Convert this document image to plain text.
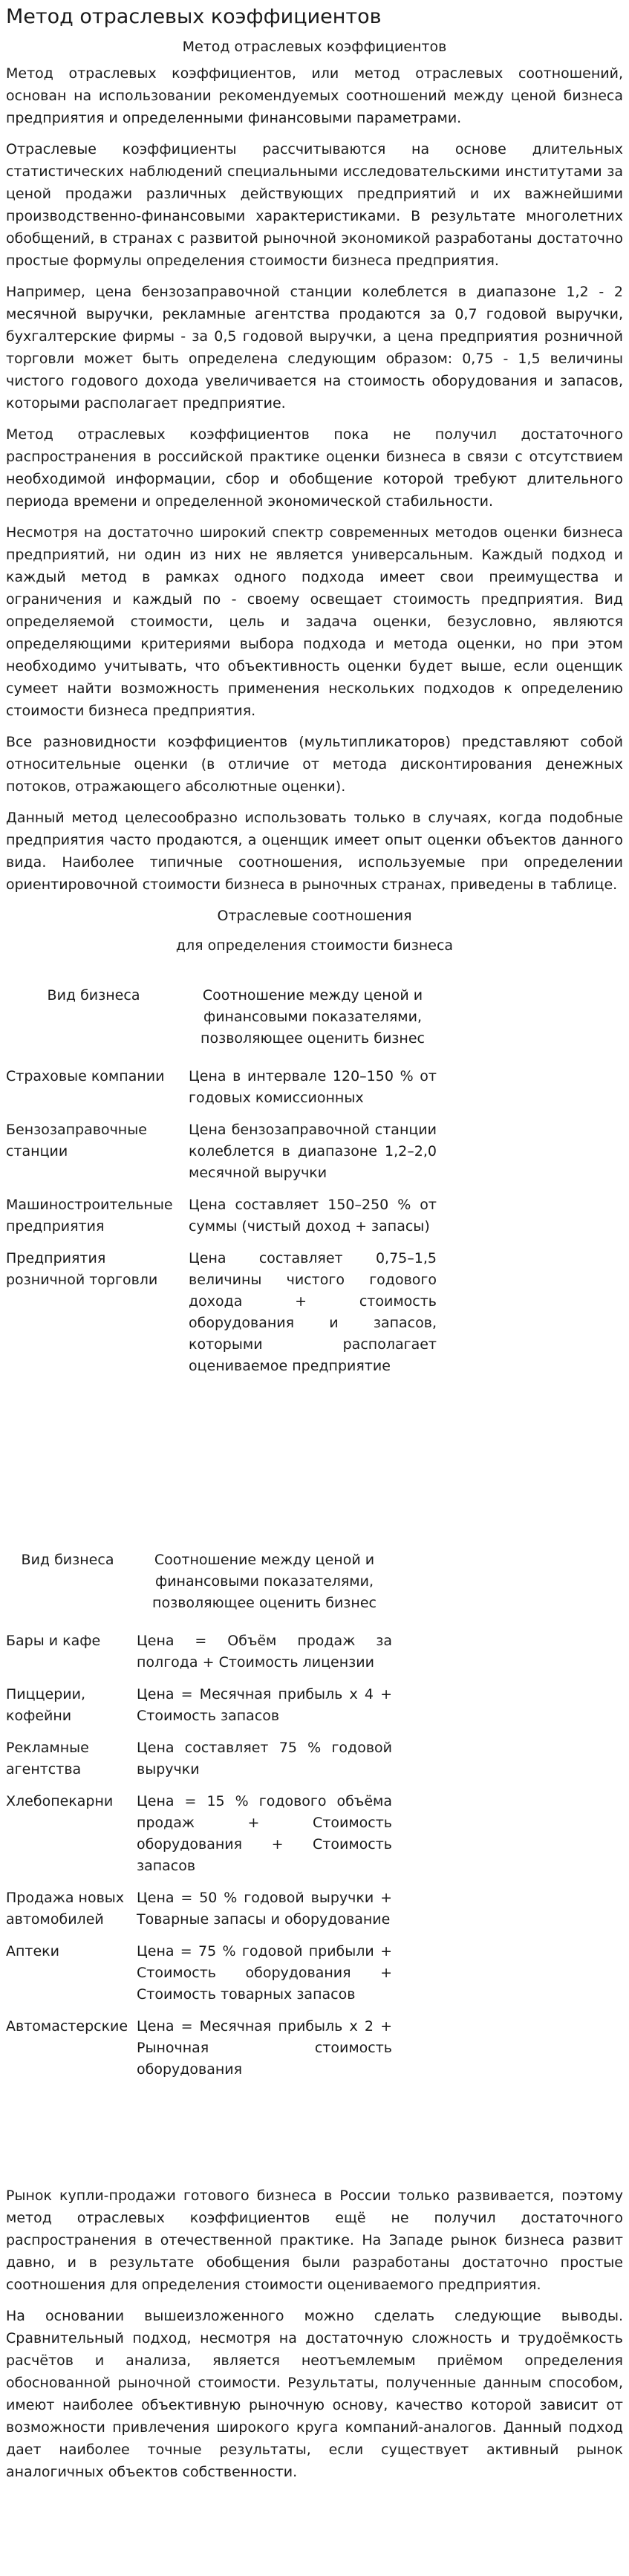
Метод отраслевых коэффициентов
Метод отраслевых коэффициентов

Метод отраслевых коэффициентов, или метод отраслевых соотношений, основан на использовании рекомендуемых соотношений между ценой бизнеса предприятия и определенными финансовыми параметрами.

Отраслевые коэффициенты рассчитываются на основе длительных статистических наблюдений специальными исследовательскими институтами за ценой продажи различных действующих предприятий и их важнейшими производственно-финансовыми характеристиками. В результате многолетних обобщений, в странах с развитой рыночной экономикой разработаны достаточно простые формулы определения стоимости бизнеса предприятия.

Например, цена бензозаправочной станции колеблется в диапазоне 1,2 - 2 месячной выручки, рекламные агентства продаются за 0,7 годовой выручки, бухгалтерские фирмы - за 0,5 годовой выручки, а цена предприятия розничной торговли может быть определена следующим образом: 0,75 - 1,5 величины чистого годового дохода увеличивается на стоимость оборудования и запасов, которыми располагает предприятие.

Метод отраслевых коэффициентов пока не получил достаточного распространения в российской практике оценки бизнеса в связи с отсутствием необходимой информации, сбор и обобщение которой требуют длительного периода времени и определенной экономической стабильности.

Несмотря на достаточно широкий спектр современных методов оценки бизнеса предприятий, ни один из них не является универсальным. Каждый подход и каждый метод в рамках одного подхода имеет свои преимущества и ограничения и каждый по - своему освещает стоимость предприятия. Вид определяемой стоимости, цель и задача оценки, безусловно, являются определяющими критериями выбора подхода и метода оценки, но при этом необходимо учитывать, что объективность оценки будет выше, если оценщик сумеет найти возможность применения нескольких подходов к определению стоимости бизнеса предприятия.

Все разновидности коэффициентов (мультипликаторов) представляют собой относительные оценки (в отличие от метода дисконтирования денежных потоков, отражающего абсолютные оценки).

Данный метод целесообразно использовать только в случаях, когда подобные предприятия часто продаются, а оценщик имеет опыт оценки объектов данного вида. Наиболее типичные соотношения, используемые при определении ориентировочной стоимости бизнеса в рыночных странах, приведены в таблице.

Отраслевые соотношения

для определения стоимости бизнеса

Вид бизнеса	Соотношение между ценой и финансовыми показателями, позволяющее оценить бизнес
Страховые компании	Цена в интервале 120–150 % от годовых комиссионных
Бензозаправочные станции	Цена бензозаправочной станции колеблется в диапазоне 1,2–2,0 месячной выручки
Машиностроительные предприятия	Цена составляет 150–250 % от суммы (чистый доход + запасы)
Предприятия розничной торговли	Цена составляет 0,75–1,5 величины чистого годового дохода + стоимость оборудования и запасов, которыми располагает оцениваемое предприятие
Вид бизнеса	Соотношение между ценой и финансовыми показателями, позволяющее оценить бизнес
Бары и кафе	Цена = Объём продаж за полгода + Стоимость лицензии
Пиццерии, кофейни	Цена = Месячная прибыль х 4 + Стоимость запасов
Рекламные агентства	Цена составляет 75 % годовой выручки
Хлебопекарни	Цена = 15 % годового объёма продаж + Стоимость оборудования + Стоимость запасов
Продажа новых автомобилей	Цена = 50 % годовой выручки + Товарные запасы и оборудование
Аптеки	Цена = 75 % годовой прибыли + Стоимость оборудования + Стоимость товарных запасов
Автомастерские	Цена = Месячная прибыль х 2 + Рыночная стоимость оборудования

Рынок купли-продажи готового бизнеса в России только развивается, поэтому метод отраслевых коэффициентов ещё не получил достаточного распространения в отечественной практике. На Западе рынок бизнеса развит давно, и в результате обобщения были разработаны достаточно простые соотношения для определения стоимости оцениваемого предприятия.

На основании вышеизложенного можно сделать следующие выводы. Сравнительный подход, несмотря на достаточную сложность и трудоёмкость расчётов и анализа, является неотъемлемым приёмом определения обоснованной рыночной стоимости. Результаты, полученные данным способом, имеют наиболее объективную рыночную основу, качество которой зависит от возможности привлечения широкого круга компаний-аналогов. Данный подход дает наиболее точные результаты, если существует активный рынок аналогичных объектов собственности.
